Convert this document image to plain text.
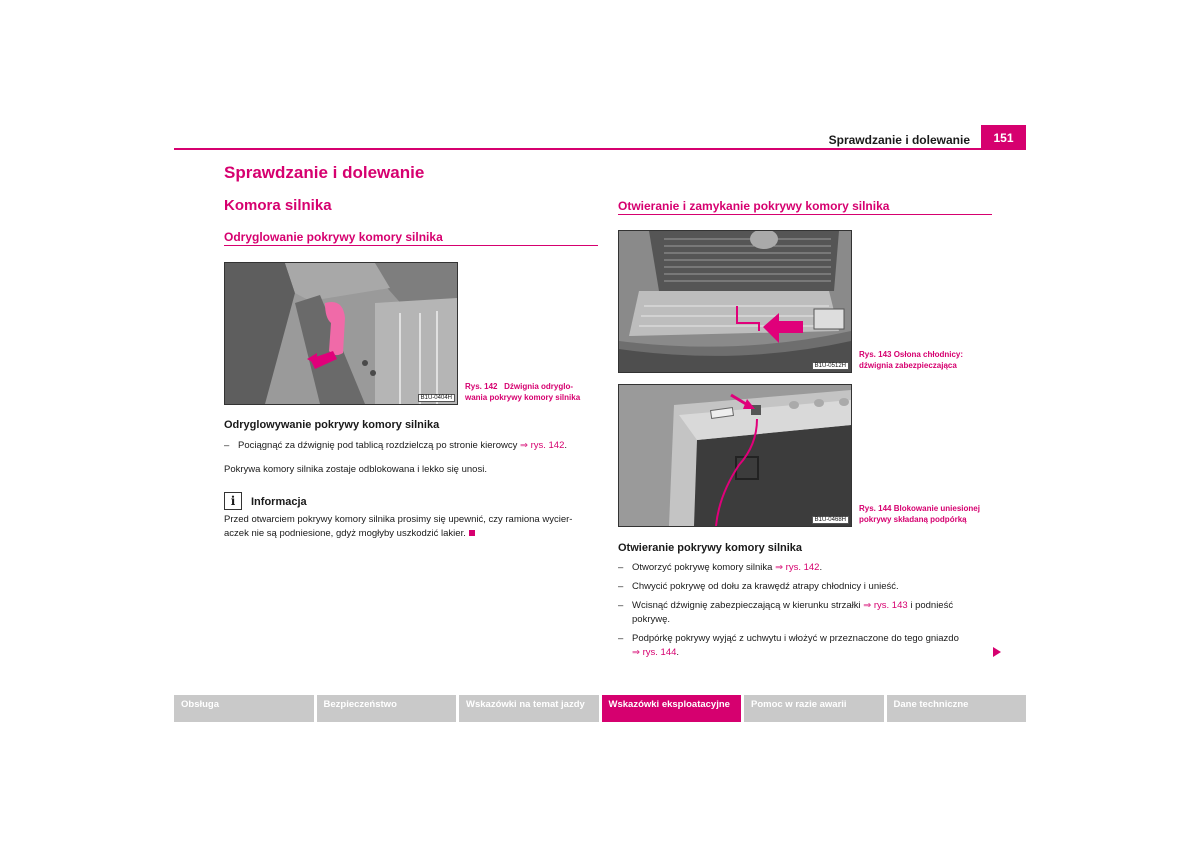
Sprawdzanie i dolewanie	151
Sprawdzanie i dolewanie
Komora silnika
Odryglowanie pokrywy komory silnika
B1U-0404H
Rys. 142 Dźwignia odryglo-
wania pokrywy komory silnika
Odryglowywanie pokrywy komory silnika
– Pociągnąć za dźwignię pod tablicą rozdzielczą po stronie kierowcy ⇒ rys. 142.
Pokrywa komory silnika zostaje odblokowana i lekko się unosi.
i	Informacja
Przed otwarciem pokrywy komory silnika prosimy się upewnić, czy ramiona wycier-
aczek nie są podniesione, gdyż mogłyby uszkodzić lakier.
Otwieranie i zamykanie pokrywy komory silnika
B1U-0512H
Rys. 143 Osłona chłodnicy:
dźwignia zabezpieczająca
B1U-0468H
Rys. 144 Blokowanie uniesionej
pokrywy składaną podpórką
Otwieranie pokrywy komory silnika
– Otworzyć pokrywę komory silnika ⇒ rys. 142.
– Chwycić pokrywę od dołu za krawędź atrapy chłodnicy i unieść.
– Wcisnąć dźwignię zabezpieczającą w kierunku strzałki ⇒ rys. 143 i podnieść
pokrywę.
– Podpórkę pokrywy wyjąć z uchwytu i włożyć w przeznaczone do tego gniazdo
⇒ rys. 144.
Obsługa	Bezpieczeństwo	Wskazówki na temat jazdy	Wskazówki eksploatacyjne	Pomoc w razie awarii	Dane techniczne
